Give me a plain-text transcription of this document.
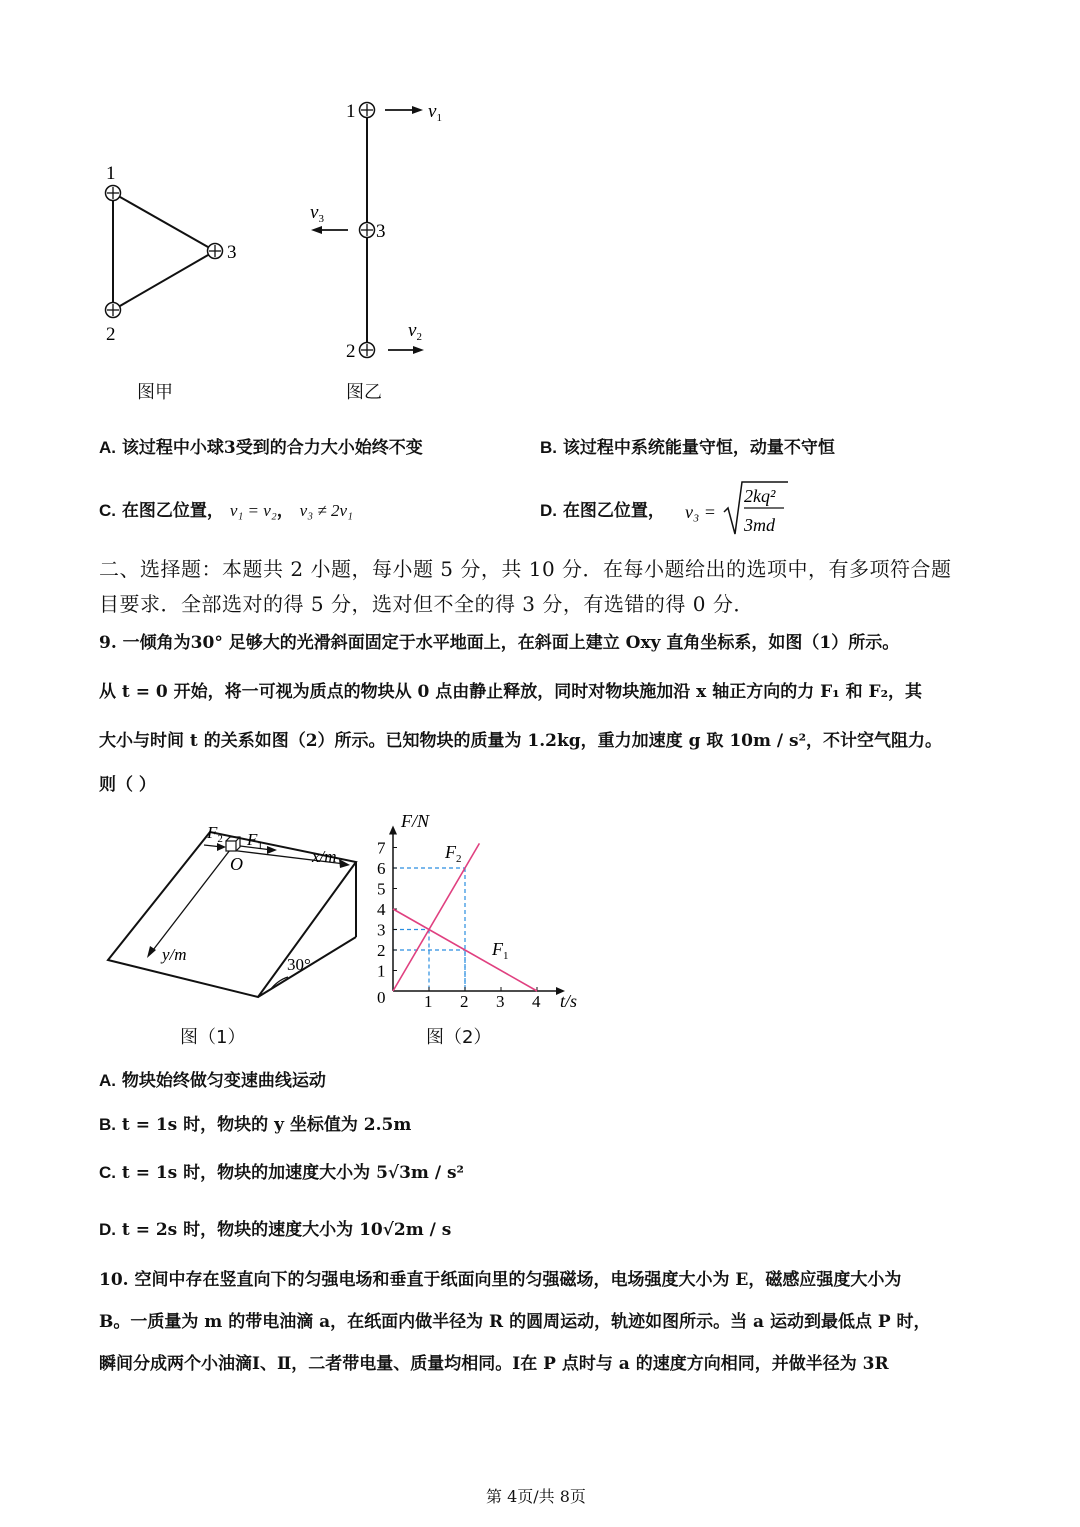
1
3
2
图甲
1	$v_1$
3
$v_3$
2
$v_2$
图乙
A. 该过程中小球3受到的合力大小始终不变	B. 该过程中系统能量守恒，动量不守恒
C. 在图乙位置， v₁ = v₂， v₃ ≠ 2v₁	D. 在图乙位置， v₃ =
2kq²
3md
二、选择题：本题共 2 小题，每小题 5 分，共 10 分．在每小题给出的选项中，有多项符合题
目要求．全部选对的得 5 分，选对但不全的得 3 分，有选错的得 0 分．
9. 一倾角为30° 足够大的光滑斜面固定于水平地面上，在斜面上建立 Oxy 直角坐标系，如图（1）所示。
从 t = 0 开始，将一可视为质点的物块从 0 点由静止释放，同时对物块施加沿 x 轴正方向的力 F₁ 和 F₂，其
大小与时间 t 的关系如图（2）所示。已知物块的质量为 1.2kg，重力加速度 g 取 10m / s²，不计空气阻力。
则（ ）
$F_2$ $F_1$
O	x/m
y/m
30°
图（1）
1
2
3
4
5
6
7
1 2 3 4
F/N
t/s
0
$F_2$
$F_1$
图（2）
A. 物块始终做匀变速曲线运动
B. t = 1s 时，物块的 y 坐标值为 2.5m
C. t = 1s 时，物块的加速度大小为 5√3m / s²
D. t = 2s 时，物块的速度大小为 10√2m / s
10. 空间中存在竖直向下的匀强电场和垂直于纸面向里的匀强磁场，电场强度大小为 E，磁感应强度大小为
B。一质量为 m 的带电油滴 a，在纸面内做半径为 R 的圆周运动，轨迹如图所示。当 a 运动到最低点 P 时，
瞬间分成两个小油滴Ⅰ、Ⅱ，二者带电量、质量均相同。Ⅰ在 P 点时与 a 的速度方向相同，并做半径为 3R
第 4页/共 8页
